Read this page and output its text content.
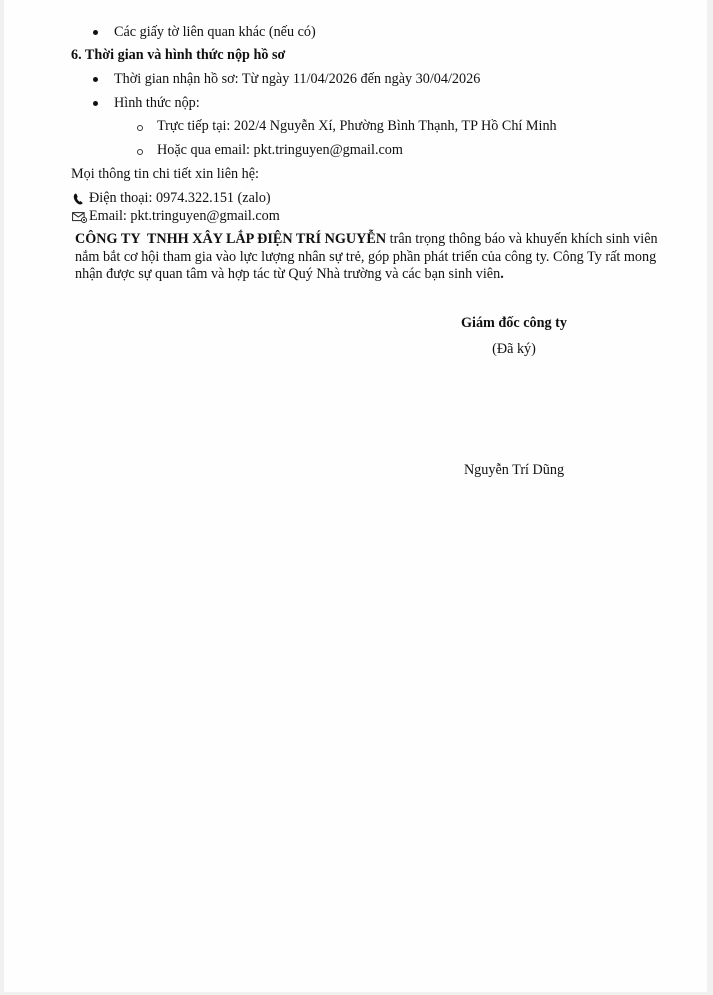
Các giấy tờ liên quan khác (nếu có)
6. Thời gian và hình thức nộp hồ sơ
Thời gian nhận hồ sơ: Từ ngày 11/04/2026 đến ngày 30/04/2026
Hình thức nộp:
Trực tiếp tại: 202/4 Nguyễn Xí, Phường Bình Thạnh, TP Hồ Chí Minh
Hoặc qua email: pkt.tringuyen@gmail.com
Mọi thông tin chi tiết xin liên hệ:
Điện thoại: 0974.322.151 (zalo)
Email: pkt.tringuyen@gmail.com
CÔNG TY  TNHH XÂY LẮP ĐIỆN TRÍ NGUYỄN trân trọng thông báo và khuyến khích sinh viên nắm bắt cơ hội tham gia vào lực lượng nhân sự trẻ, góp phần phát triển của công ty. Công Ty rất mong nhận được sự quan tâm và hợp tác từ Quý Nhà trường và các bạn sinh viên.
Giám đốc công ty
(Đã ký)
Nguyễn Trí Dũng
